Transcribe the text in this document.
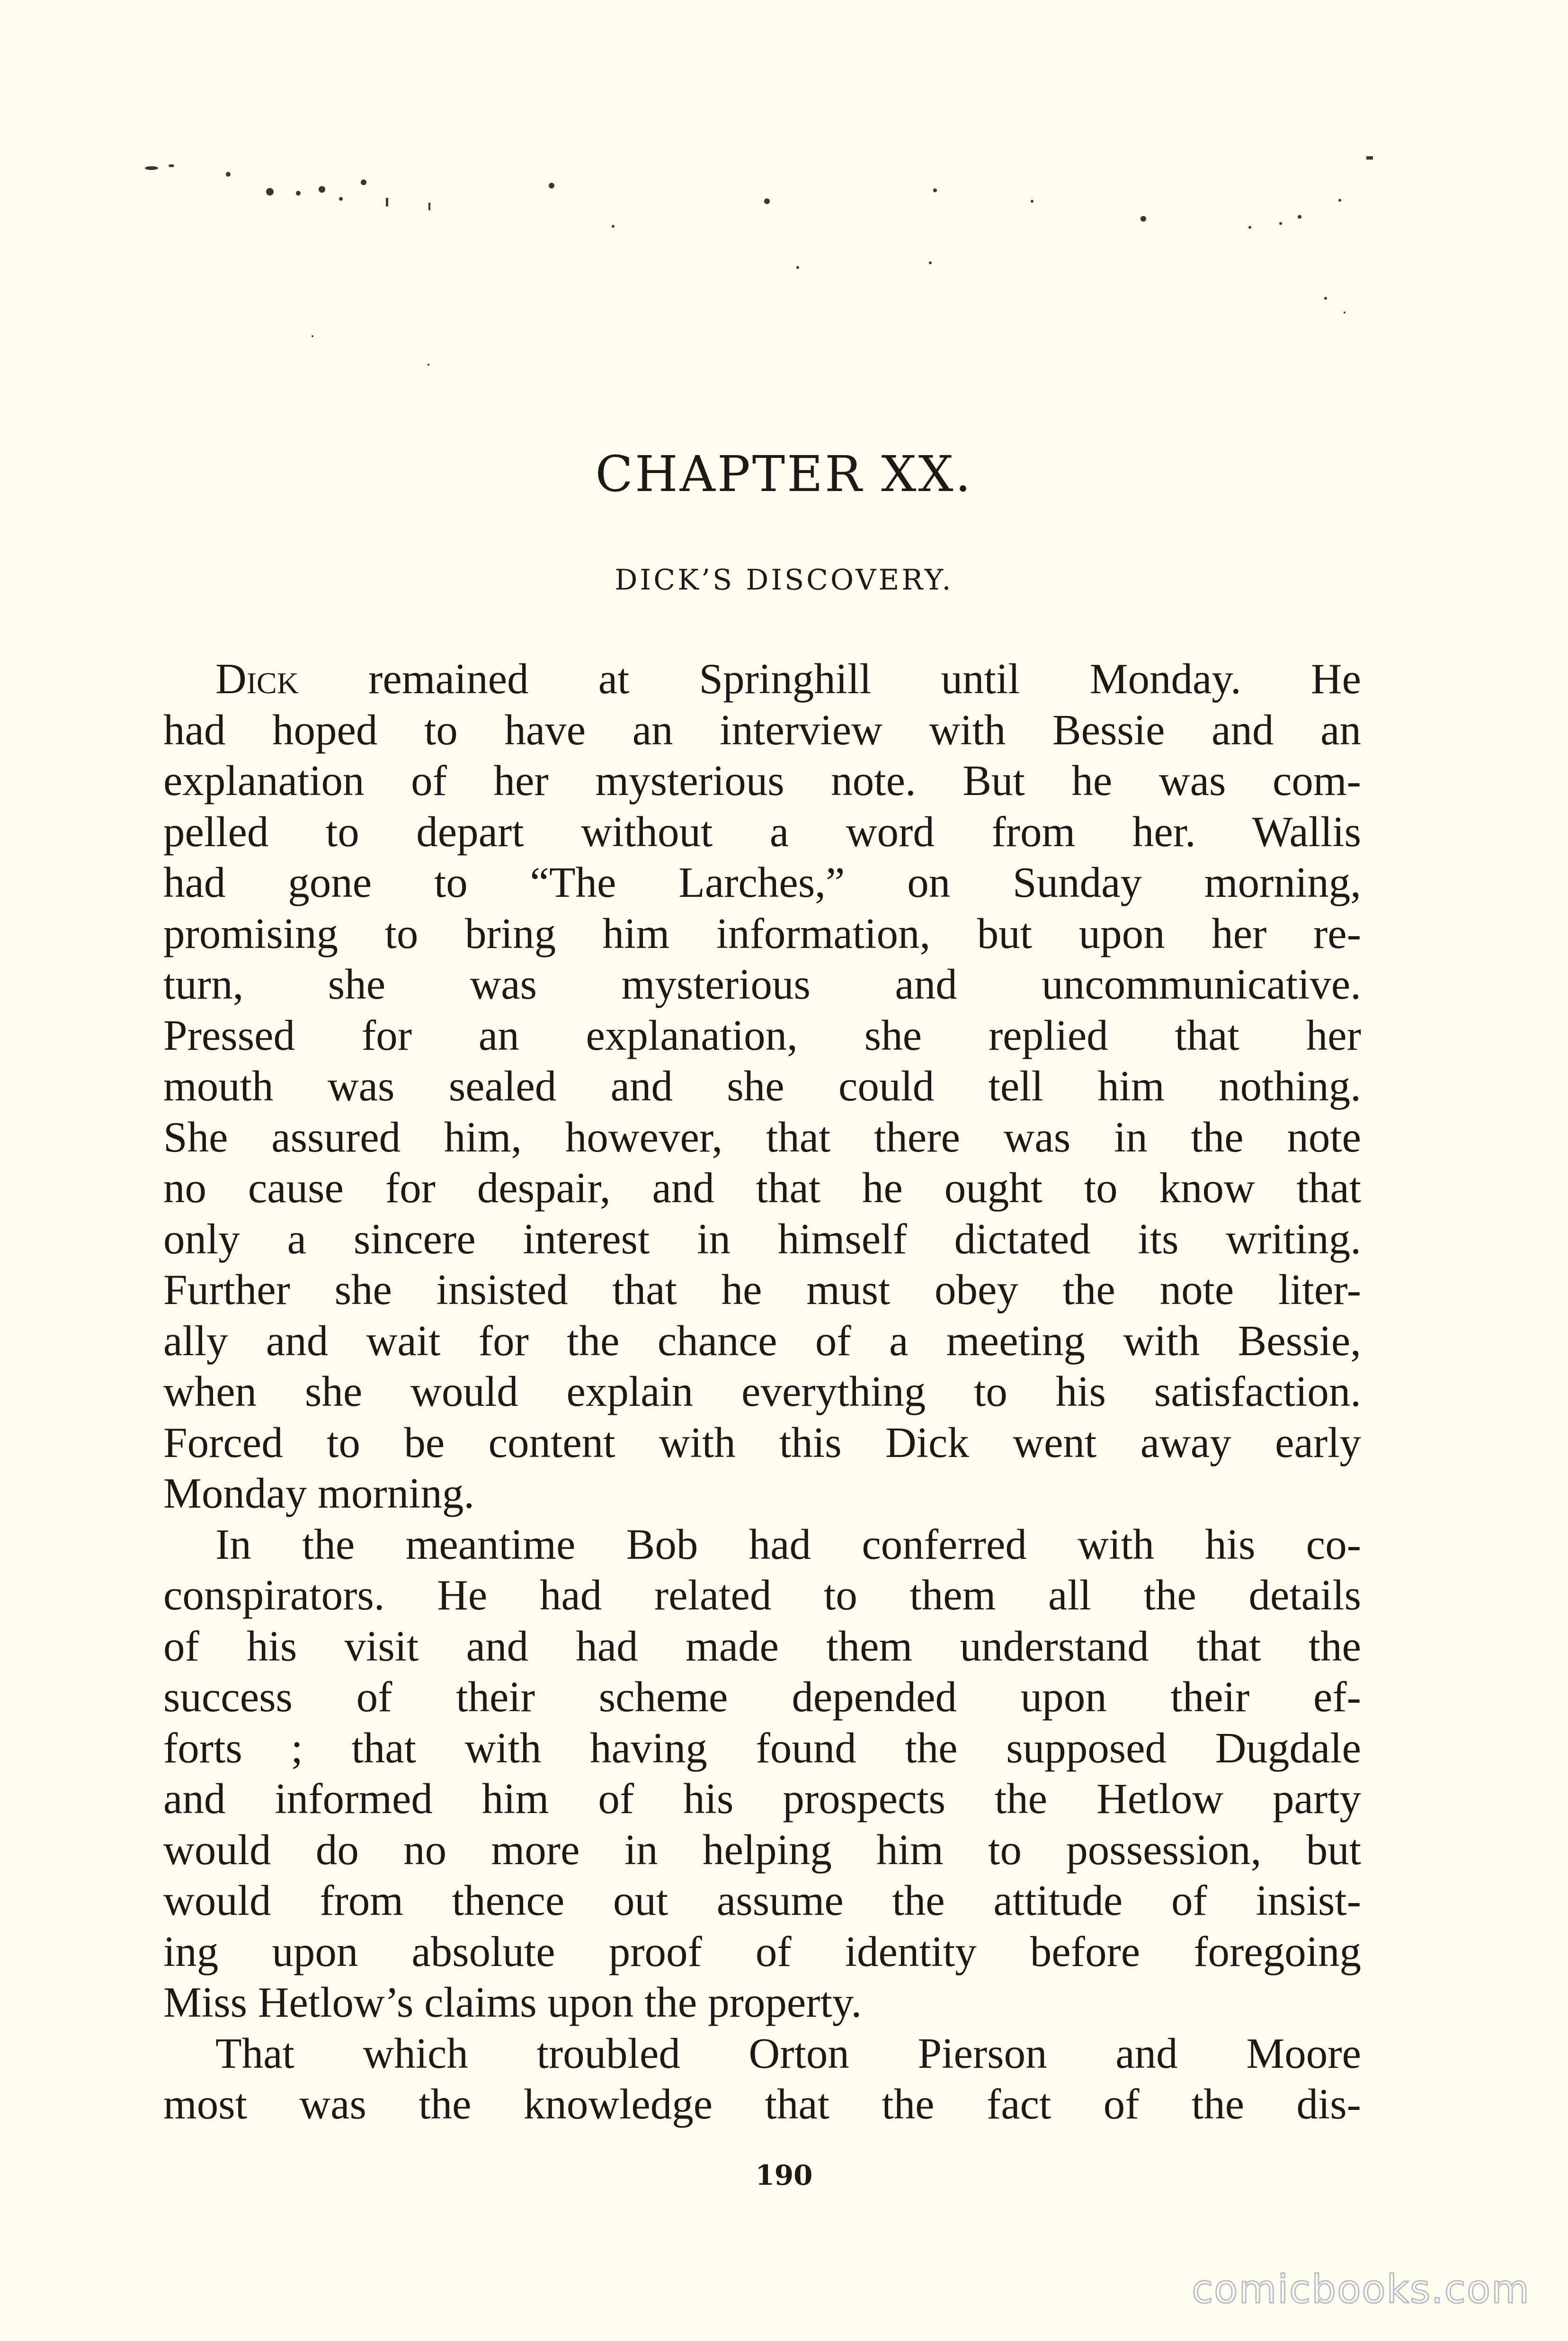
CHAPTER XX.
DICK’S DISCOVERY.

Dick remained at Springhill until Monday. He
had hoped to have an interview with Bessie and an
explanation of her mysterious note. But he was com-
pelled to depart without a word from her. Wallis
had gone to “The Larches,” on Sunday morning,
promising to bring him information, but upon her re-
turn, she was mysterious and uncommunicative.
Pressed for an explanation, she replied that her
mouth was sealed and she could tell him nothing.
She assured him, however, that there was in the note
no cause for despair, and that he ought to know that
only a sincere interest in himself dictated its writing.
Further she insisted that he must obey the note liter-
ally and wait for the chance of a meeting with Bessie,
when she would explain everything to his satisfaction.
Forced to be content with this Dick went away early
Monday morning.

In the meantime Bob had conferred with his co-
conspirators. He had related to them all the details
of his visit and had made them understand that the
success of their scheme depended upon their ef-
forts ; that with having found the supposed Dugdale
and informed him of his prospects the Hetlow party
would do no more in helping him to possession, but
would from thence out assume the attitude of insist-
ing upon absolute proof of identity before foregoing
Miss Hetlow’s claims upon the property.

That which troubled Orton Pierson and Moore
most was the knowledge that the fact of the dis-

190
comicbooks.com
